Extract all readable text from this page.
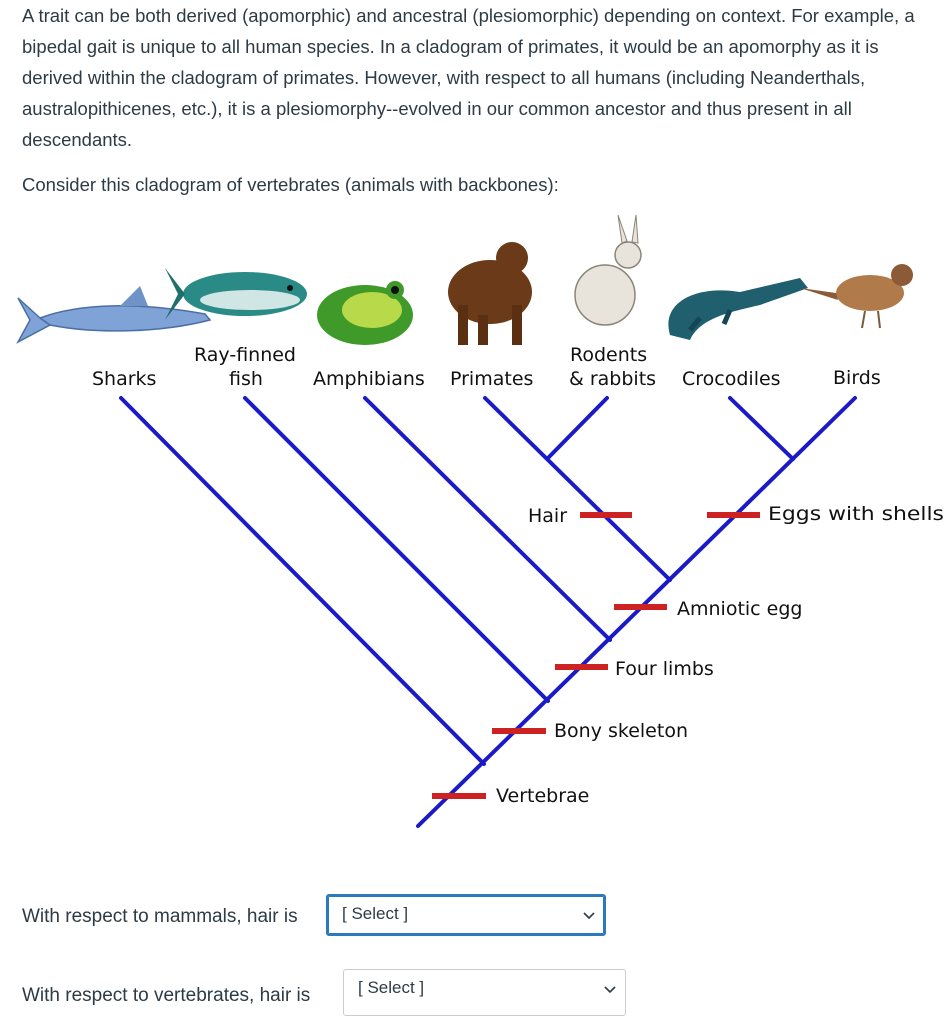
A trait can be both derived (apomorphic) and ancestral (plesiomorphic) depending on context. For example, a bipedal gait is unique to all human species. In a cladogram of primates, it would be an apomorphy as it is derived within the cladogram of primates. However, with respect to all humans (including Neanderthals, australopithicenes, etc.), it is a plesiomorphy--evolved in our common ancestor and thus present in all descendants.

Consider this cladogram of vertebrates (animals with backbones):

Sharks
Ray-finned
fish	Amphibians Primates
Rodents
& rabbits Crocodiles	Birds
Vertebrae
Bony skeleton
Four limbs
Amniotic egg
Hair	Eggs with shells
With respect to mammals, hair is	[ Select ]
With respect to vertebrates, hair is	[ Select ]
